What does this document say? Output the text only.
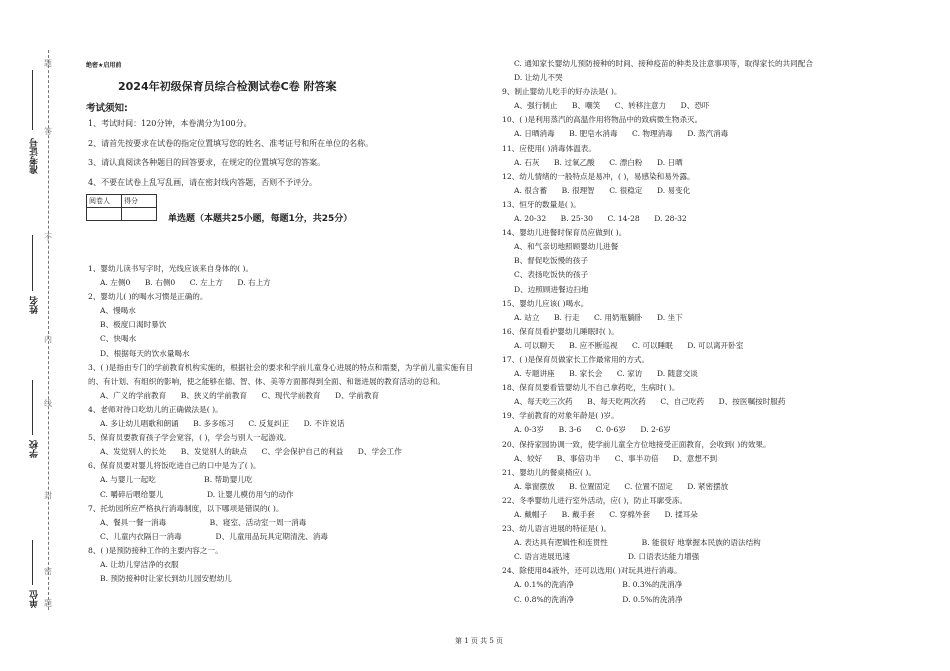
题
答
不
内
线
封
密
题
准考证号
姓名
学校
单位
绝密★启用前
2024年初级保育员综合检测试卷C卷 附答案
考试须知:
1、考试时间：120分钟，本卷满分为100分。
2、请首先按要求在试卷的指定位置填写您的姓名、准考证号和所在单位的名称。
3、请认真阅读各种题目的回答要求，在规定的位置填写您的答案。
4、不要在试卷上乱写乱画，请在密封线内答题，否则不予评分。
阅卷人	得分

单选题（本题共25小题，每题1分，共25分）
1、婴幼儿读书写字时，光线应该来自身体的( )。
A. 左侧0      B. 右侧0      C. 左上方      D. 右上方
2、婴幼儿( )的喝水习惯是正确的。
A、慢喝水
B、极度口渴时暴饮
C、快喝水
D、根据每天的饮水量喝水
3、( )是指由专门的学前教育机构实施的，根据社会的要求和学前儿童身心进展的特点和需要，为学前儿童实施有目的、有计划、有组织的影响，使之能够在德、智、体、美等方面都得到全面、和谐进展的教育活动的总和。
A、广义的学前教育      B、狭义的学前教育      C、现代学前教育      D、学前教育
4、老师对待口吃幼儿的正确做法是( )。
A. 多让幼儿唱歌和朗诵      B. 多多练习      C. 反复纠正      D. 不许说话
5、保育员要教育孩子学会宽容，( )，学会与别人一起游戏。
A、发觉别人的长处      B、发觉别人的缺点      C、学会保护自己的利益      D、学会工作
6、保育员要对婴儿将饭吃进自己的口中是为了( )。
A. 与婴儿一起吃                    B. 帮助婴儿吃
C. 嚼碎后喂给婴儿                  D. 让婴儿模仿用勺的动作
7、托幼园所应严格执行消毒制度，以下哪项是错误的( )。
A、餐具一餐一消毒                  B、寝室、活动室一周一消毒
C、儿童内衣隔日一消毒              D、儿童用品玩具定期清洗、消毒
8、( )是预防接种工作的主要内容之一。
A. 让幼儿穿洁净的衣服
B. 预防接种时让家长到幼儿园安慰幼儿
C. 通知家长婴幼儿预防接种的时间、接种疫苗的种类及注意事项等，取得家长的共同配合
D. 让幼儿不哭
9、制止婴幼儿吃手的好办法是( )。
A、强行制止      B、嘲笑      C、转移注意力      D、恐吓
10、( )是利用蒸汽的高温作用将物品中的致病微生物杀灭。
A. 日晒消毒      B. 肥皂水消毒      C. 物理消毒      D. 蒸汽消毒
11、应使用( )消毒体温表。
A. 石灰      B. 过氧乙酸      C. 漂白粉      D. 日晒
12、幼儿情绪的一般特点是易冲，( )，易感染和易外露。
A. 很含蓄      B. 很理智      C. 很稳定      D. 易变化
13、恒牙的数量是( )。
A. 20-32      B. 25-30      C. 14-28      D. 28-32
14、婴幼儿进餐时保育员应做到( )。
A、和气亲切地照顾婴幼儿进餐
B、督促吃饭慢的孩子
C、表扬吃饭快的孩子
D、边照顾进餐边扫地
15、婴幼儿应该( )喝水。
A. 站立      B. 行走      C. 用奶瓶躺卧      D. 坐下
16、保育员看护婴幼儿睡眠时( )。
A. 可以聊天      B. 应不断巡视      C. 可以睡眠      D. 可以离开卧室
17、( )是保育员做家长工作最常用的方式。
A. 专题讲座      B. 家长会      C. 家访      D. 随意交谈
18、保育员要看管婴幼儿不自己拿药吃，生病时( )。
A、每天吃三次药      B、每天吃两次药      C、自己吃药      D、按医嘱按时服药
19、学前教育的对象年龄是( )岁。
A. 0-3岁      B. 3-6      C. 0-6岁      D. 2-6岁
20、保持家园协调一致，使学前儿童全方位地接受正面教育，会收到( )的效果。
A、较好      B、事倍功半      C、事半功倍      D、意想不到
21、婴幼儿的餐桌椅应( )。
A. 靠窗摆放      B. 位置固定      C. 位置不固定      D. 紧密摆放
22、冬季婴幼儿进行室外活动，应( )，防止耳廓受冻。
A. 戴帽子      B. 戴手套      C. 穿棉外套      D. 揉耳朵
23、幼儿语言进展的特征是( )。
A. 表达具有逻辑性和连贯性              B. 能很好 地掌握本民族的语法结构
C. 语言进展迅速                        D. 口语表达能力增强
24、除使用84液外，还可以选用( )对玩具进行消毒。
A. 0.1%的洗消净                    B. 0.3%的洗消净
C. 0.8%的洗消净                    D. 0.5%的洗消净
第 1 页 共 5 页
